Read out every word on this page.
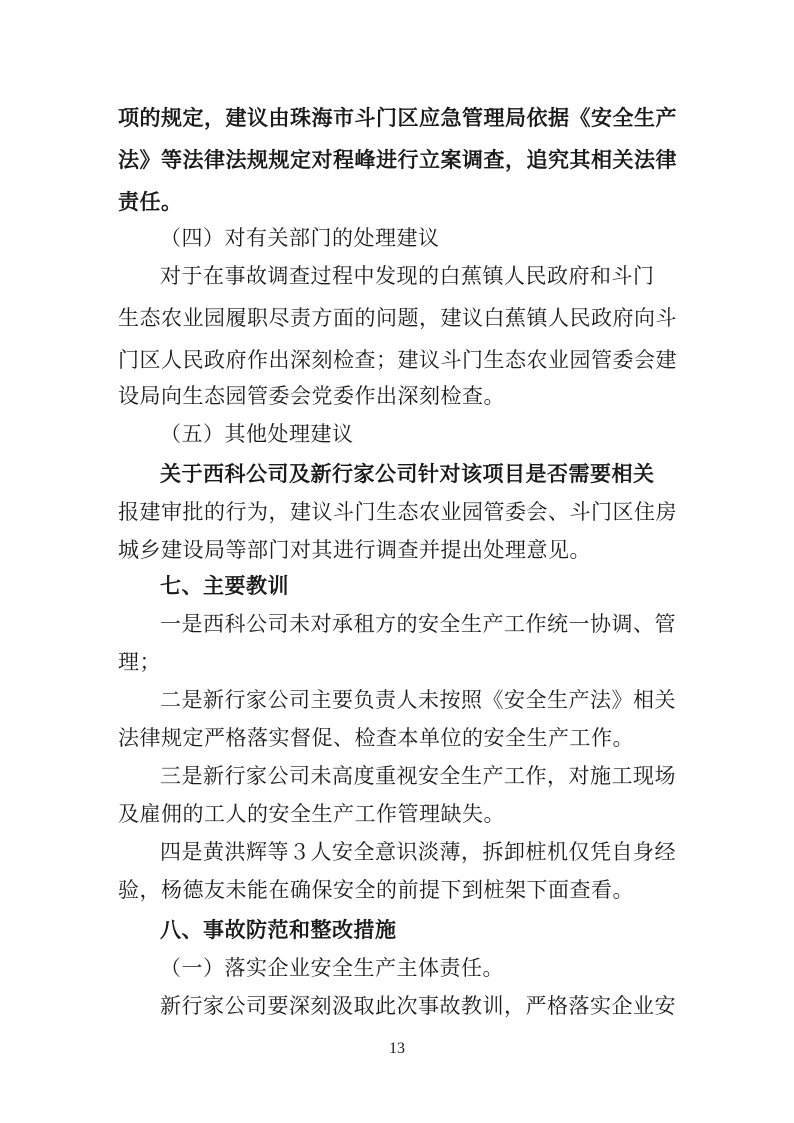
项的规定，建议由珠海市斗门区应急管理局依据《安全生产
法》等法律法规规定对程峰进行立案调查，追究其相关法律
责任。
（四）对有关部门的处理建议
对于在事故调查过程中发现的白蕉镇人民政府和斗门
生态农业园履职尽责方面的问题，建议白蕉镇人民政府向斗
门区人民政府作出深刻检查；建议斗门生态农业园管委会建
设局向生态园管委会党委作出深刻检查。
（五）其他处理建议
关于西科公司及新行家公司针对该项目是否需要相关
报建审批的行为，建议斗门生态农业园管委会、斗门区住房
城乡建设局等部门对其进行调查并提出处理意见。
七、主要教训
一是西科公司未对承租方的安全生产工作统一协调、管
理；
二是新行家公司主要负责人未按照《安全生产法》相关
法律规定严格落实督促、检查本单位的安全生产工作。
三是新行家公司未高度重视安全生产工作，对施工现场
及雇佣的工人的安全生产工作管理缺失。
四是黄洪辉等３人安全意识淡薄，拆卸桩机仅凭自身经
验，杨德友未能在确保安全的前提下到桩架下面查看。
八、事故防范和整改措施
（一）落实企业安全生产主体责任。
新行家公司要深刻汲取此次事故教训，严格落实企业安
13
